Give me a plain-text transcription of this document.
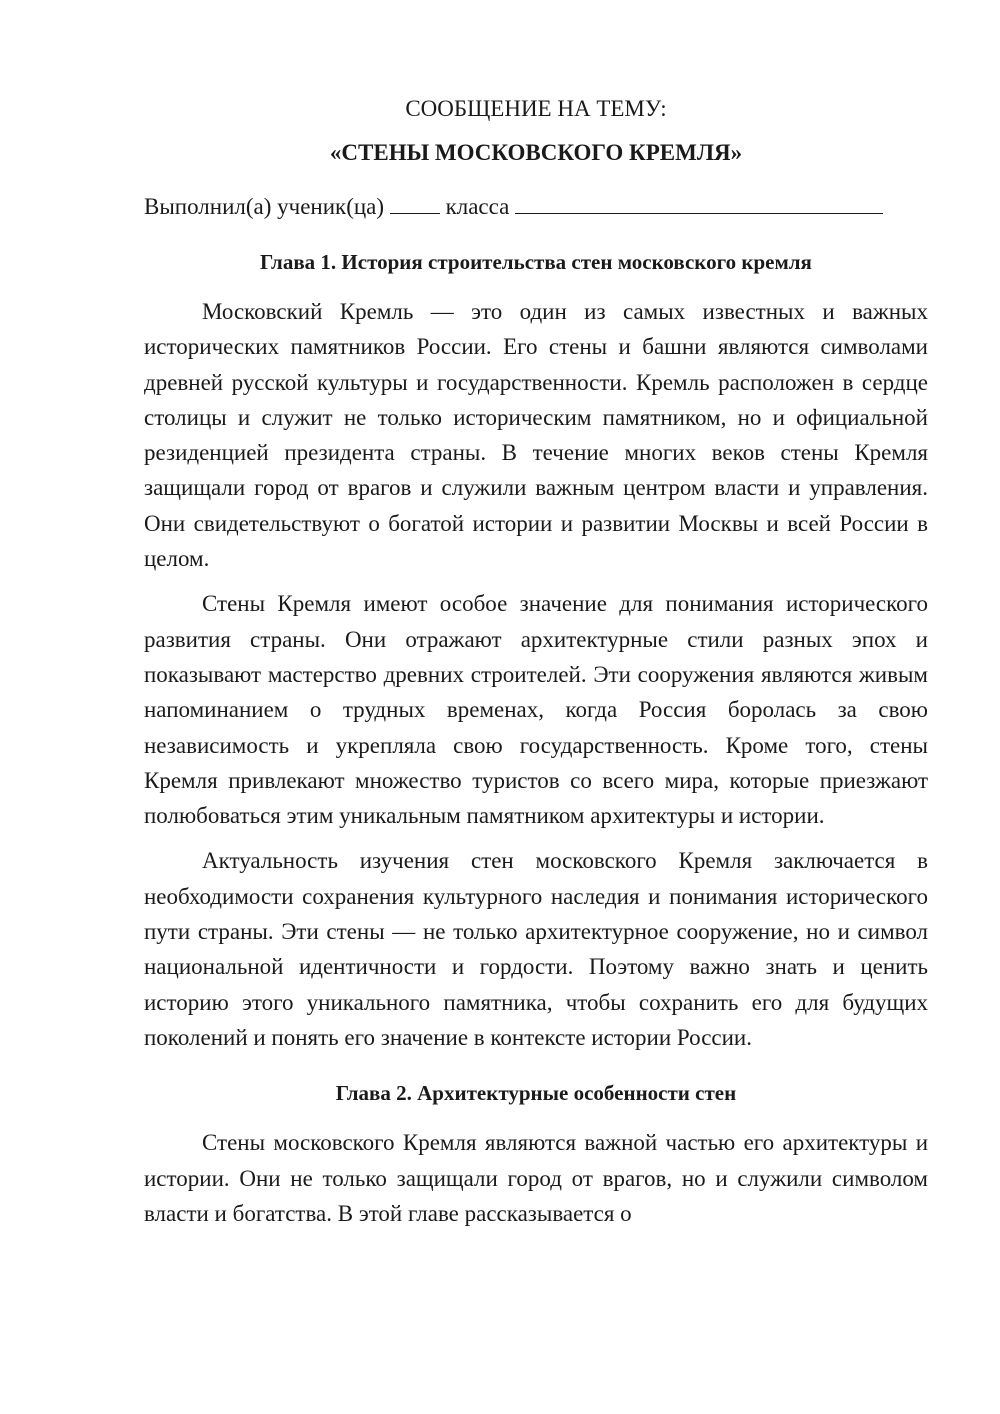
СООБЩЕНИЕ НА ТЕМУ:
«СТЕНЫ МОСКОВСКОГО КРЕМЛЯ»
Выполнил(а) ученик(ца)	класса
Глава 1. История строительства стен московского кремля

Московский Кремль — это один из самых известных и важных исторических памятников России. Его стены и башни являются символами древней русской культуры и государственности. Кремль расположен в сердце столицы и служит не только историческим памятником, но и официальной резиденцией президента страны. В течение многих веков стены Кремля защищали город от врагов и служили важным центром власти и управления. Они свидетельствуют о богатой истории и развитии Москвы и всей России в целом.

Стены Кремля имеют особое значение для понимания исторического развития страны. Они отражают архитектурные стили разных эпох и показывают мастерство древних строителей. Эти сооружения являются живым напоминанием о трудных временах, когда Россия боролась за свою независимость и укрепляла свою государственность. Кроме того, стены Кремля привлекают множество туристов со всего мира, которые приезжают полюбоваться этим уникальным памятником архитектуры и истории.

Актуальность изучения стен московского Кремля заключается в необходимости сохранения культурного наследия и понимания исторического пути страны. Эти стены — не только архитектурное сооружение, но и символ национальной идентичности и гордости. Поэтому важно знать и ценить историю этого уникального памятника, чтобы сохранить его для будущих поколений и понять его значение в контексте истории России.

Глава 2. Архитектурные особенности стен

Стены московского Кремля являются важной частью его архитектуры и истории. Они не только защищали город от врагов, но и служили символом власти и богатства. В этой главе рассказывается о
